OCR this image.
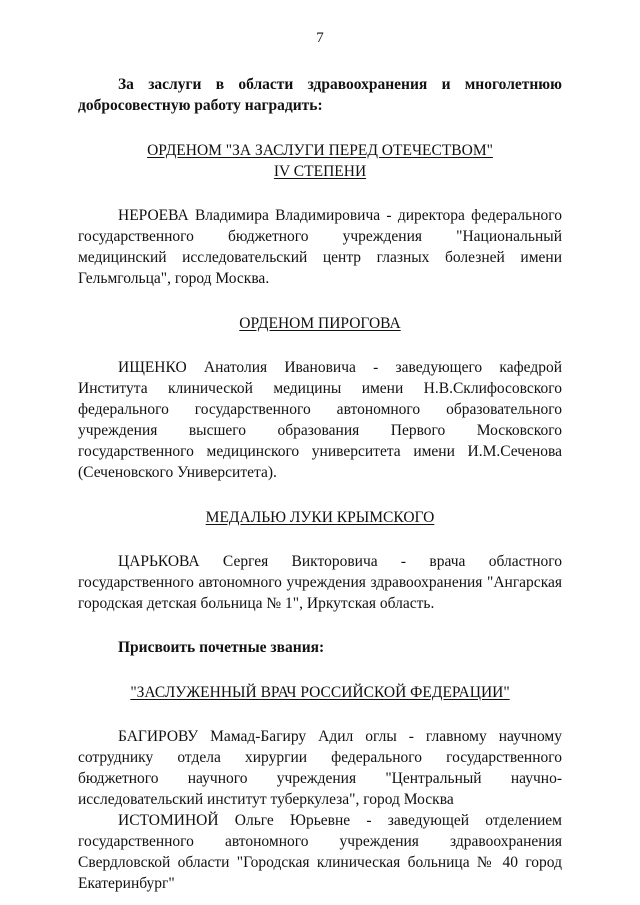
7
За заслуги в области здравоохранения и многолетнюю добросовестную работу наградить:
ОРДЕНОМ "ЗА ЗАСЛУГИ ПЕРЕД ОТЕЧЕСТВОМ"
IV СТЕПЕНИ
НЕРОЕВА Владимира Владимировича - директора федерального государственного бюджетного учреждения "Национальный медицинский исследовательский центр глазных болезней имени Гельмгольца", город Москва.
ОРДЕНОМ ПИРОГОВА
ИЩЕНКО Анатолия Ивановича - заведующего кафедрой Института клинической медицины имени Н.В.Склифосовского федерального государственного автономного образовательного учреждения высшего образования Первого Московского государственного медицинского университета имени И.М.Сеченова (Сеченовского Университета).
МЕДАЛЬЮ ЛУКИ КРЫМСКОГО
ЦАРЬКОВА Сергея Викторовича - врача областного государственного автономного учреждения здравоохранения "Ангарская городская детская больница № 1", Иркутская область.
Присвоить почетные звания:
"ЗАСЛУЖЕННЫЙ ВРАЧ РОССИЙСКОЙ ФЕДЕРАЦИИ"
БАГИРОВУ Мамад-Багиру Адил оглы - главному научному сотруднику отдела хирургии федерального государственного бюджетного научного учреждения "Центральный научно-исследовательский институт туберкулеза", город Москва
ИСТОМИНОЙ Ольге Юрьевне - заведующей отделением государственного автономного учреждения здравоохранения Свердловской области "Городская клиническая больница № 40 город Екатеринбург"
